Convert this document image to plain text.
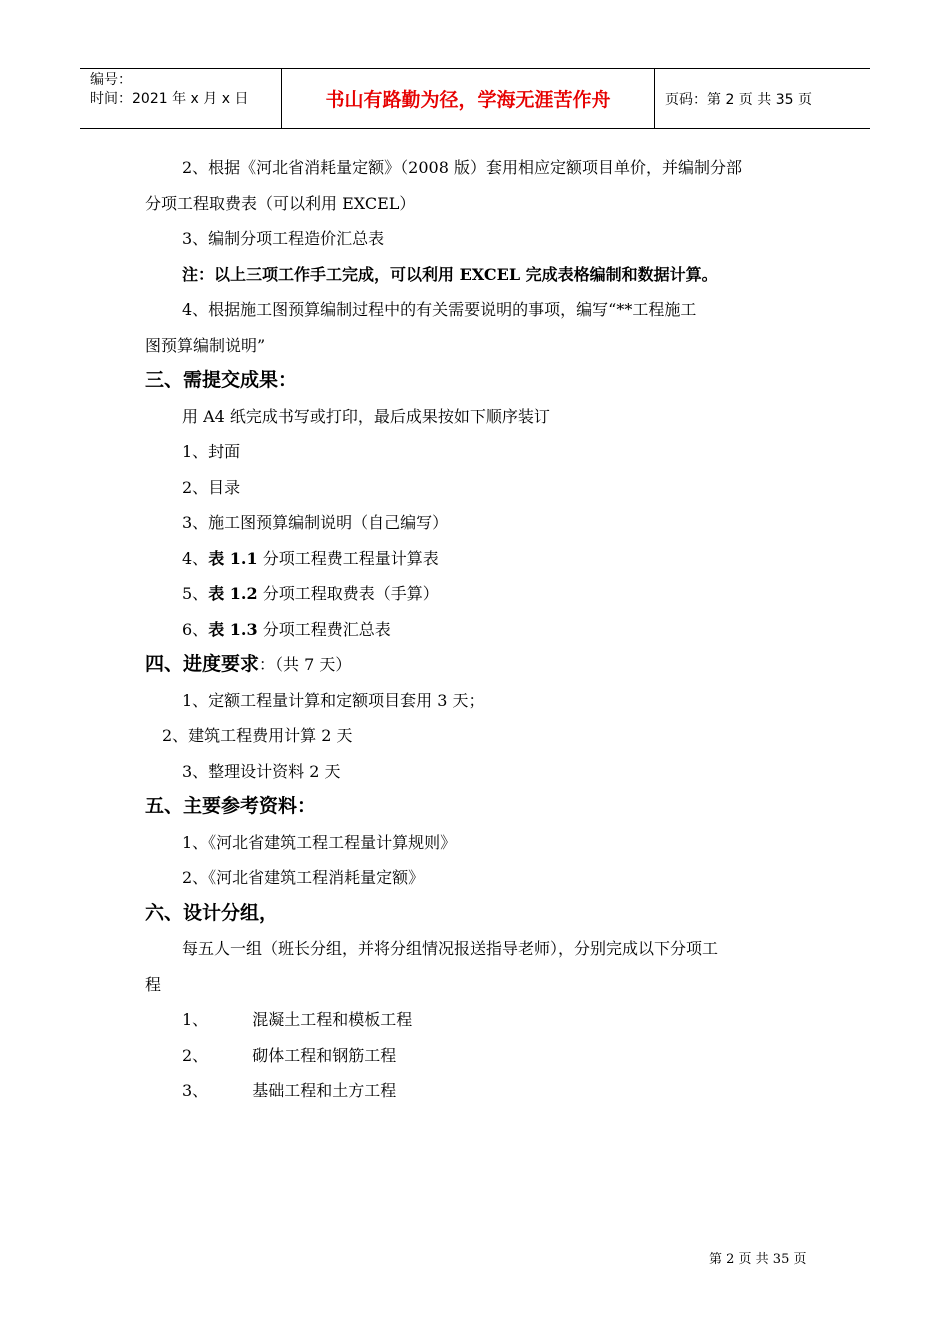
编号：
时间：2021 年 x 月 x 日	书山有路勤为径，学海无涯苦作舟	页码：第 2 页 共 35 页
2、根据《河北省消耗量定额》（2008 版）套用相应定额项目单价，并编制分部
分项工程取费表（可以利用 EXCEL）
3、编制分项工程造价汇总表
注：以上三项工作手工完成，可以利用 EXCEL 完成表格编制和数据计算。
4、根据施工图预算编制过程中的有关需要说明的事项，编写“**工程施工
图预算编制说明”
三、需提交成果：
用 A4 纸完成书写或打印，最后成果按如下顺序装订
1、封面
2、目录
3、施工图预算编制说明（自己编写）
4、表 1.1 分项工程费工程量计算表
5、表 1.2 分项工程取费表（手算）
6、表 1.3 分项工程费汇总表
四、进度要求：（共 7 天）
1、定额工程量计算和定额项目套用 3 天；
2、建筑工程费用计算 2 天
3、整理设计资料 2 天
五、主要参考资料：
1、《河北省建筑工程工程量计算规则》
2、《河北省建筑工程消耗量定额》
六、设计分组，
每五人一组（班长分组，并将分组情况报送指导老师），分别完成以下分项工
程
1、	混凝土工程和模板工程
2、	砌体工程和钢筋工程
3、	基础工程和土方工程
第 2 页 共 35 页
